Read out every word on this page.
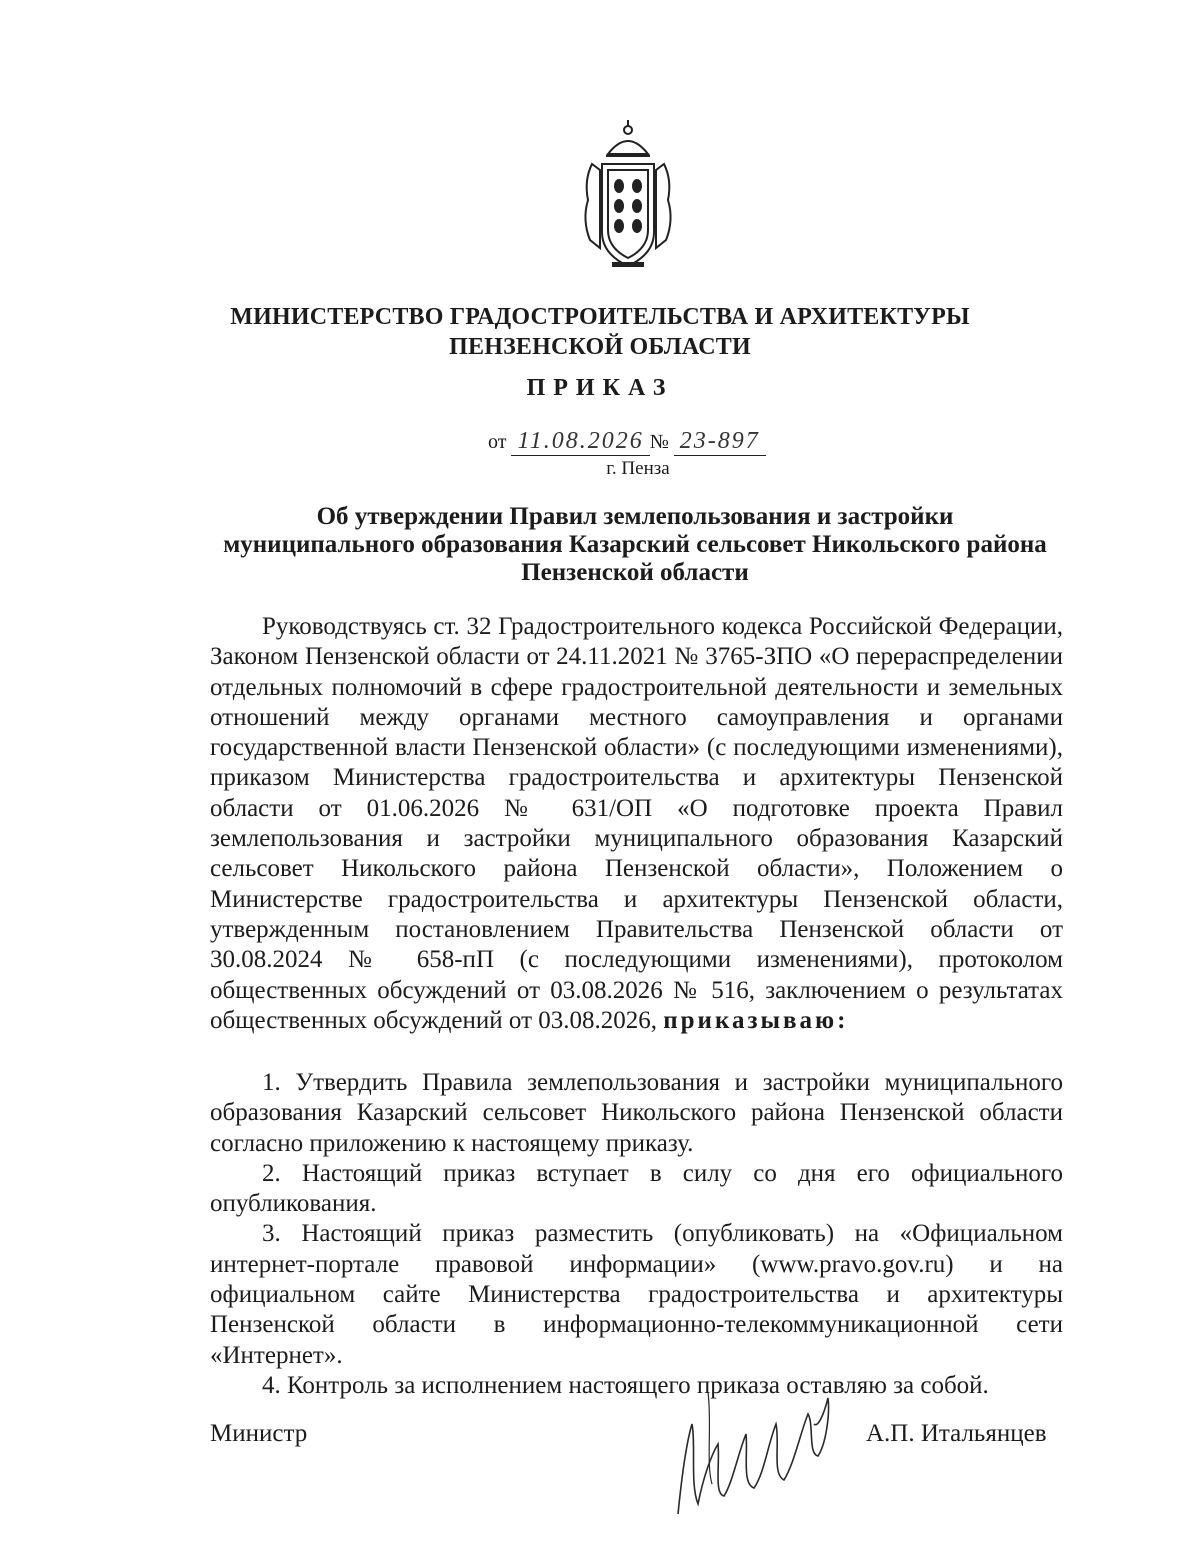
МИНИСТЕРСТВО ГРАДОСТРОИТЕЛЬСТВА И АРХИТЕКТУРЫ
ПЕНЗЕНСКОЙ ОБЛАСТИ
ПРИКАЗ
от 11.08.2026 № 23-897
г. Пенза
Об утверждении Правил землепользования и застройки
муниципального образования Казарский сельсовет Никольского района
Пензенской области

Руководствуясь ст. 32 Градостроительного кодекса Российской Федерации, Законом Пензенской области от 24.11.2021 № 3765-ЗПО «О перераспределении отдельных полномочий в сфере градостроительной деятельности и земельных отношений между органами местного самоуправления и органами государственной власти Пензенской области» (с последующими изменениями), приказом Министерства градостроительства и архитектуры Пензенской области от 01.06.2026 № 631/ОП «О подготовке проекта Правил землепользования и застройки муниципального образования Казарский сельсовет Никольского района Пензенской области», Положением о Министерстве градостроительства и архитектуры Пензенской области, утвержденным постановлением Правительства Пензенской области от 30.08.2024 № 658-пП (с последующими изменениями), протоколом общественных обсуждений от 03.08.2026 № 516, заключением о результатах общественных обсуждений от 03.08.2026, приказываю:

1. Утвердить Правила землепользования и застройки муниципального образования Казарский сельсовет Никольского района Пензенской области согласно приложению к настоящему приказу.

2. Настоящий приказ вступает в силу со дня его официального опубликования.

3. Настоящий приказ разместить (опубликовать) на «Официальном интернет-портале правовой информации» (www.pravo.gov.ru) и на официальном сайте Министерства градостроительства и архитектуры Пензенской области в информационно-телекоммуникационной сети «Интернет».

4. Контроль за исполнением настоящего приказа оставляю за собой.

Министр	А.П. Итальянцев
